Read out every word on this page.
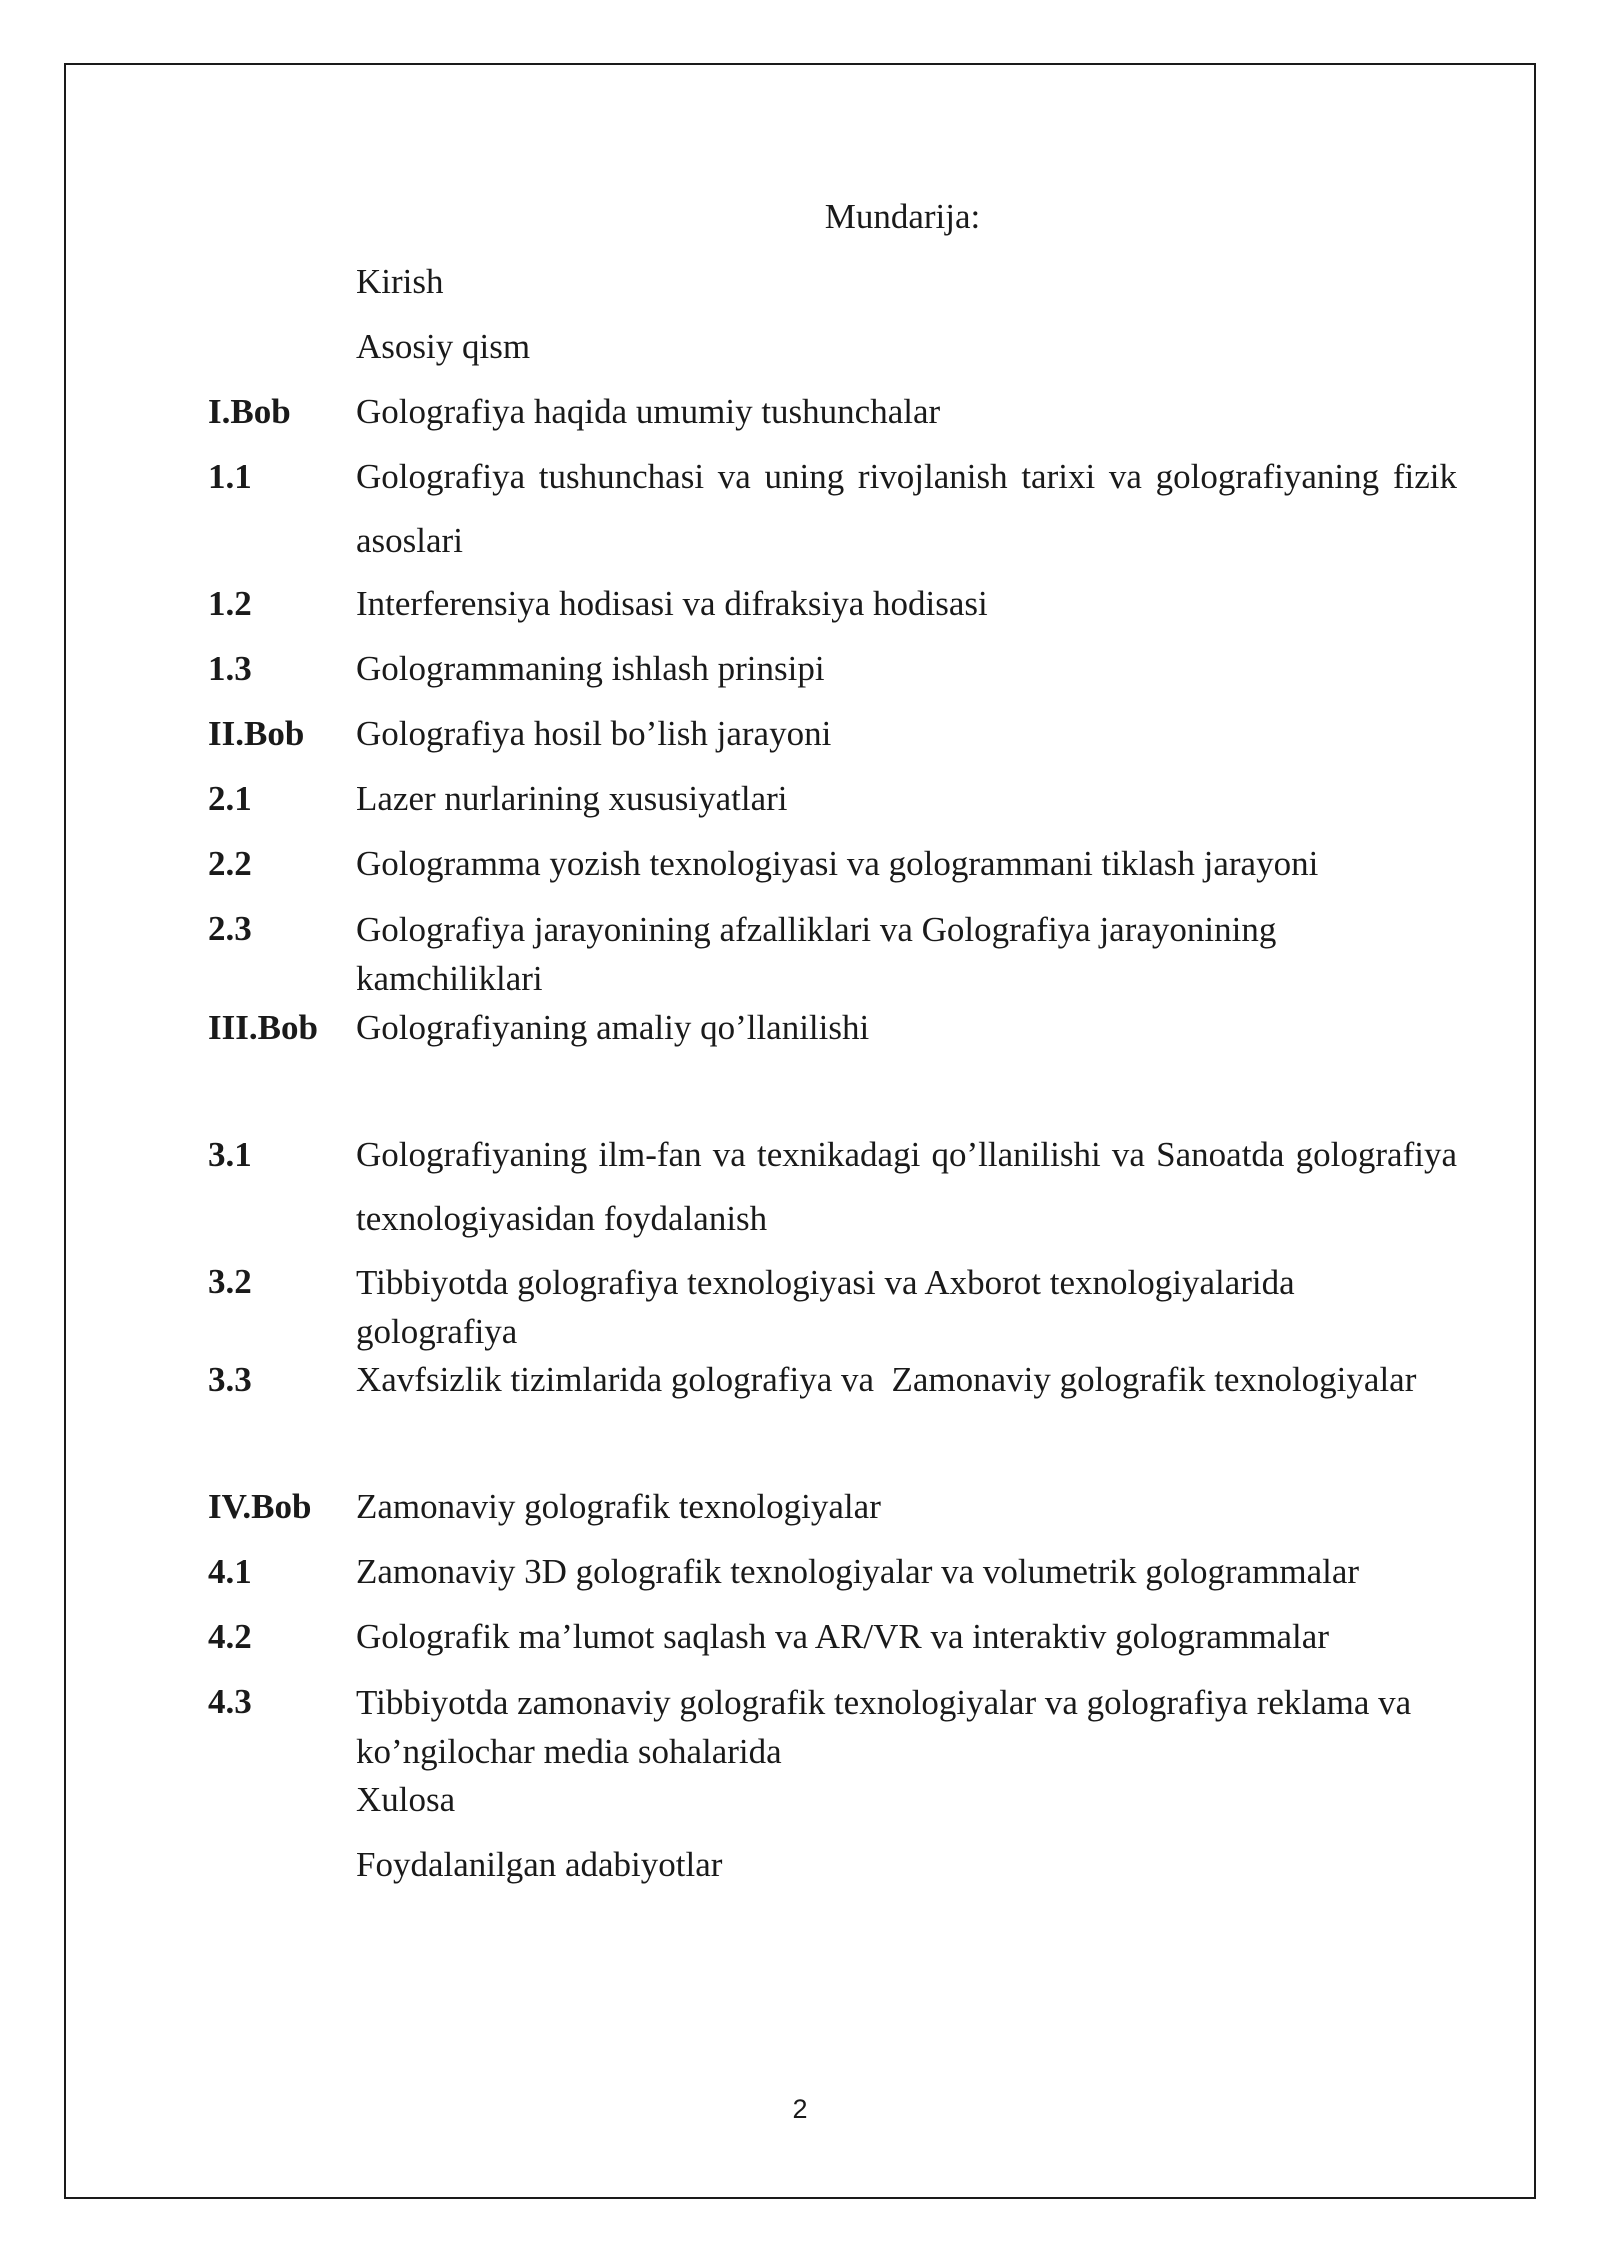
Mundarija:
Kirish
Asosiy qism
I.Bob Golografiya haqida umumiy tushunchalar
1.1	Golografiya tushunchasi va uning rivojlanish tarixi va golografiyaning fizik asoslari
1.2	Interferensiya hodisasi va difraksiya hodisasi
1.3	Gologrammaning ishlash prinsipi
II.Bob Golografiya hosil bo’lish jarayoni
2.1	Lazer nurlarining xususiyatlari
2.2	Gologramma yozish texnologiyasi va gologrammani tiklash jarayoni
2.3	Golografiya jarayonining afzalliklari va Golografiya jarayonining kamchiliklari
III.Bob Golografiyaning amaliy qo’llanilishi
3.1	Golografiyaning ilm-fan va texnikadagi qo’llanilishi va Sanoatda golografiya texnologiyasidan foydalanish
3.2	Tibbiyotda golografiya texnologiyasi va Axborot texnologiyalarida golografiya
3.3	Xavfsizlik tizimlarida golografiya va  Zamonaviy golografik texnologiyalar
IV.Bob Zamonaviy golografik texnologiyalar
4.1	Zamonaviy 3D golografik texnologiyalar va volumetrik gologrammalar
4.2	Golografik ma’lumot saqlash va AR/VR va interaktiv gologrammalar
4.3	Tibbiyotda zamonaviy golografik texnologiyalar va golografiya reklama va ko’ngilochar media sohalarida
Xulosa
Foydalanilgan adabiyotlar
2
